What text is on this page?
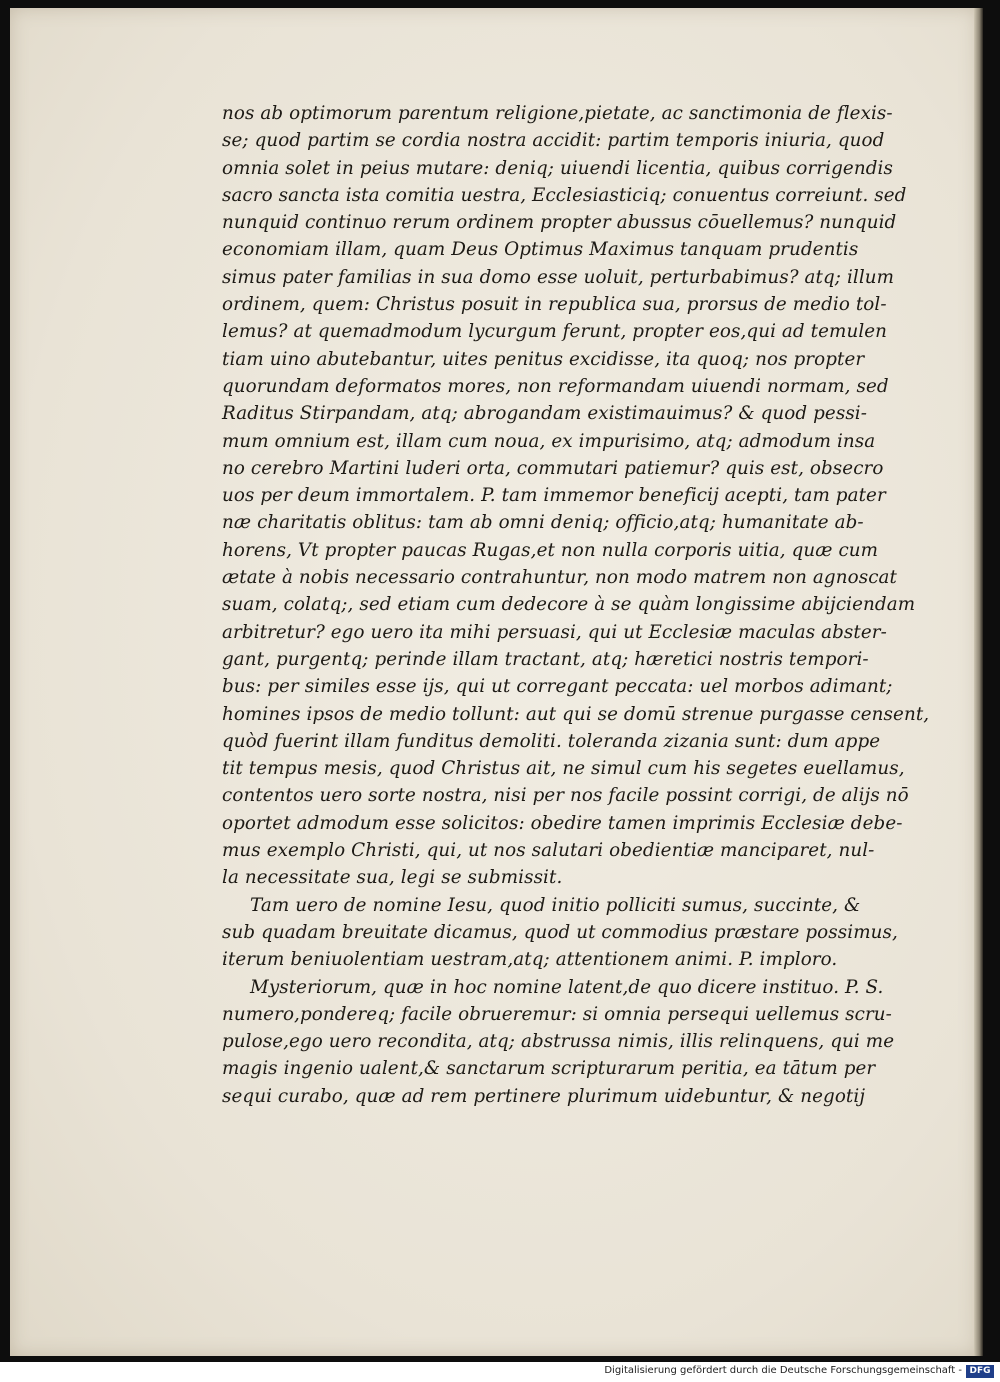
nos ab optimorum parentum religione,pietate, ac sanctimonia de flexis-
se; quod partim se cordia nostra accidit: partim temporis iniuria, quod
omnia solet in peius mutare: deniq; uiuendi licentia, quibus corrigendis
sacro sancta ista comitia uestra, Ecclesiasticiq; conuentus correiunt. sed
nunquid continuo rerum ordinem propter abussus cōuellemus? nunquid
economiam illam, quam Deus Optimus Maximus tanquam prudentis
simus pater familias in sua domo esse uoluit, perturbabimus? atq; illum
ordinem, quem: Christus posuit in republica sua, prorsus de medio tol-
lemus? at quemadmodum lycurgum ferunt, propter eos,qui ad temulen
tiam uino abutebantur, uites penitus excidisse, ita quoq; nos propter
quorundam deformatos mores, non reformandam uiuendi normam, sed
Raditus Stirpandam, atq; abrogandam existimauimus? & quod pessi-
mum omnium est, illam cum noua, ex impurisimo, atq; admodum insa
no cerebro Martini luderi orta, commutari patiemur? quis est, obsecro
uos per deum immortalem. P. tam immemor beneficij acepti, tam pater
næ charitatis oblitus: tam ab omni deniq; officio,atq; humanitate ab-
horens, Vt propter paucas Rugas,et non nulla corporis uitia, quæ cum
ætate à nobis necessario contrahuntur, non modo matrem non agnoscat
suam, colatq;, sed etiam cum dedecore à se quàm longissime abijciendam
arbitretur? ego uero ita mihi persuasi, qui ut Ecclesiæ maculas abster-
gant, purgentq; perinde illam tractant, atq; hæretici nostris tempori-
bus: per similes esse ijs, qui ut corregant peccata: uel morbos adimant;
homines ipsos de medio tollunt: aut qui se domū strenue purgasse censent,
quòd fuerint illam funditus demoliti. toleranda zizania sunt: dum appe
tit tempus mesis, quod Christus ait, ne simul cum his segetes euellamus,
contentos uero sorte nostra, nisi per nos facile possint corrigi, de alijs nō
oportet admodum esse solicitos: obedire tamen imprimis Ecclesiæ debe-
mus exemplo Christi, qui, ut nos salutari obedientiæ manciparet, nul-
la necessitate sua, legi se submissit.
Tam uero de nomine Iesu, quod initio polliciti sumus, succinte, &
sub quadam breuitate dicamus, quod ut commodius præstare possimus,
iterum beniuolentiam uestram,atq; attentionem animi. P. imploro.
Mysteriorum, quæ in hoc nomine latent,de quo dicere instituo. P. S.
numero,pondereq; facile obrueremur: si omnia persequi uellemus scru-
pulose,ego uero recondita, atq; abstrussa nimis, illis relinquens, qui me
magis ingenio ualent,& sanctarum scripturarum peritia, ea tātum per
sequi curabo, quæ ad rem pertinere plurimum uidebuntur, & negotij
Digitalisierung gefördert durch die Deutsche Forschungsgemeinschaft - DFG
